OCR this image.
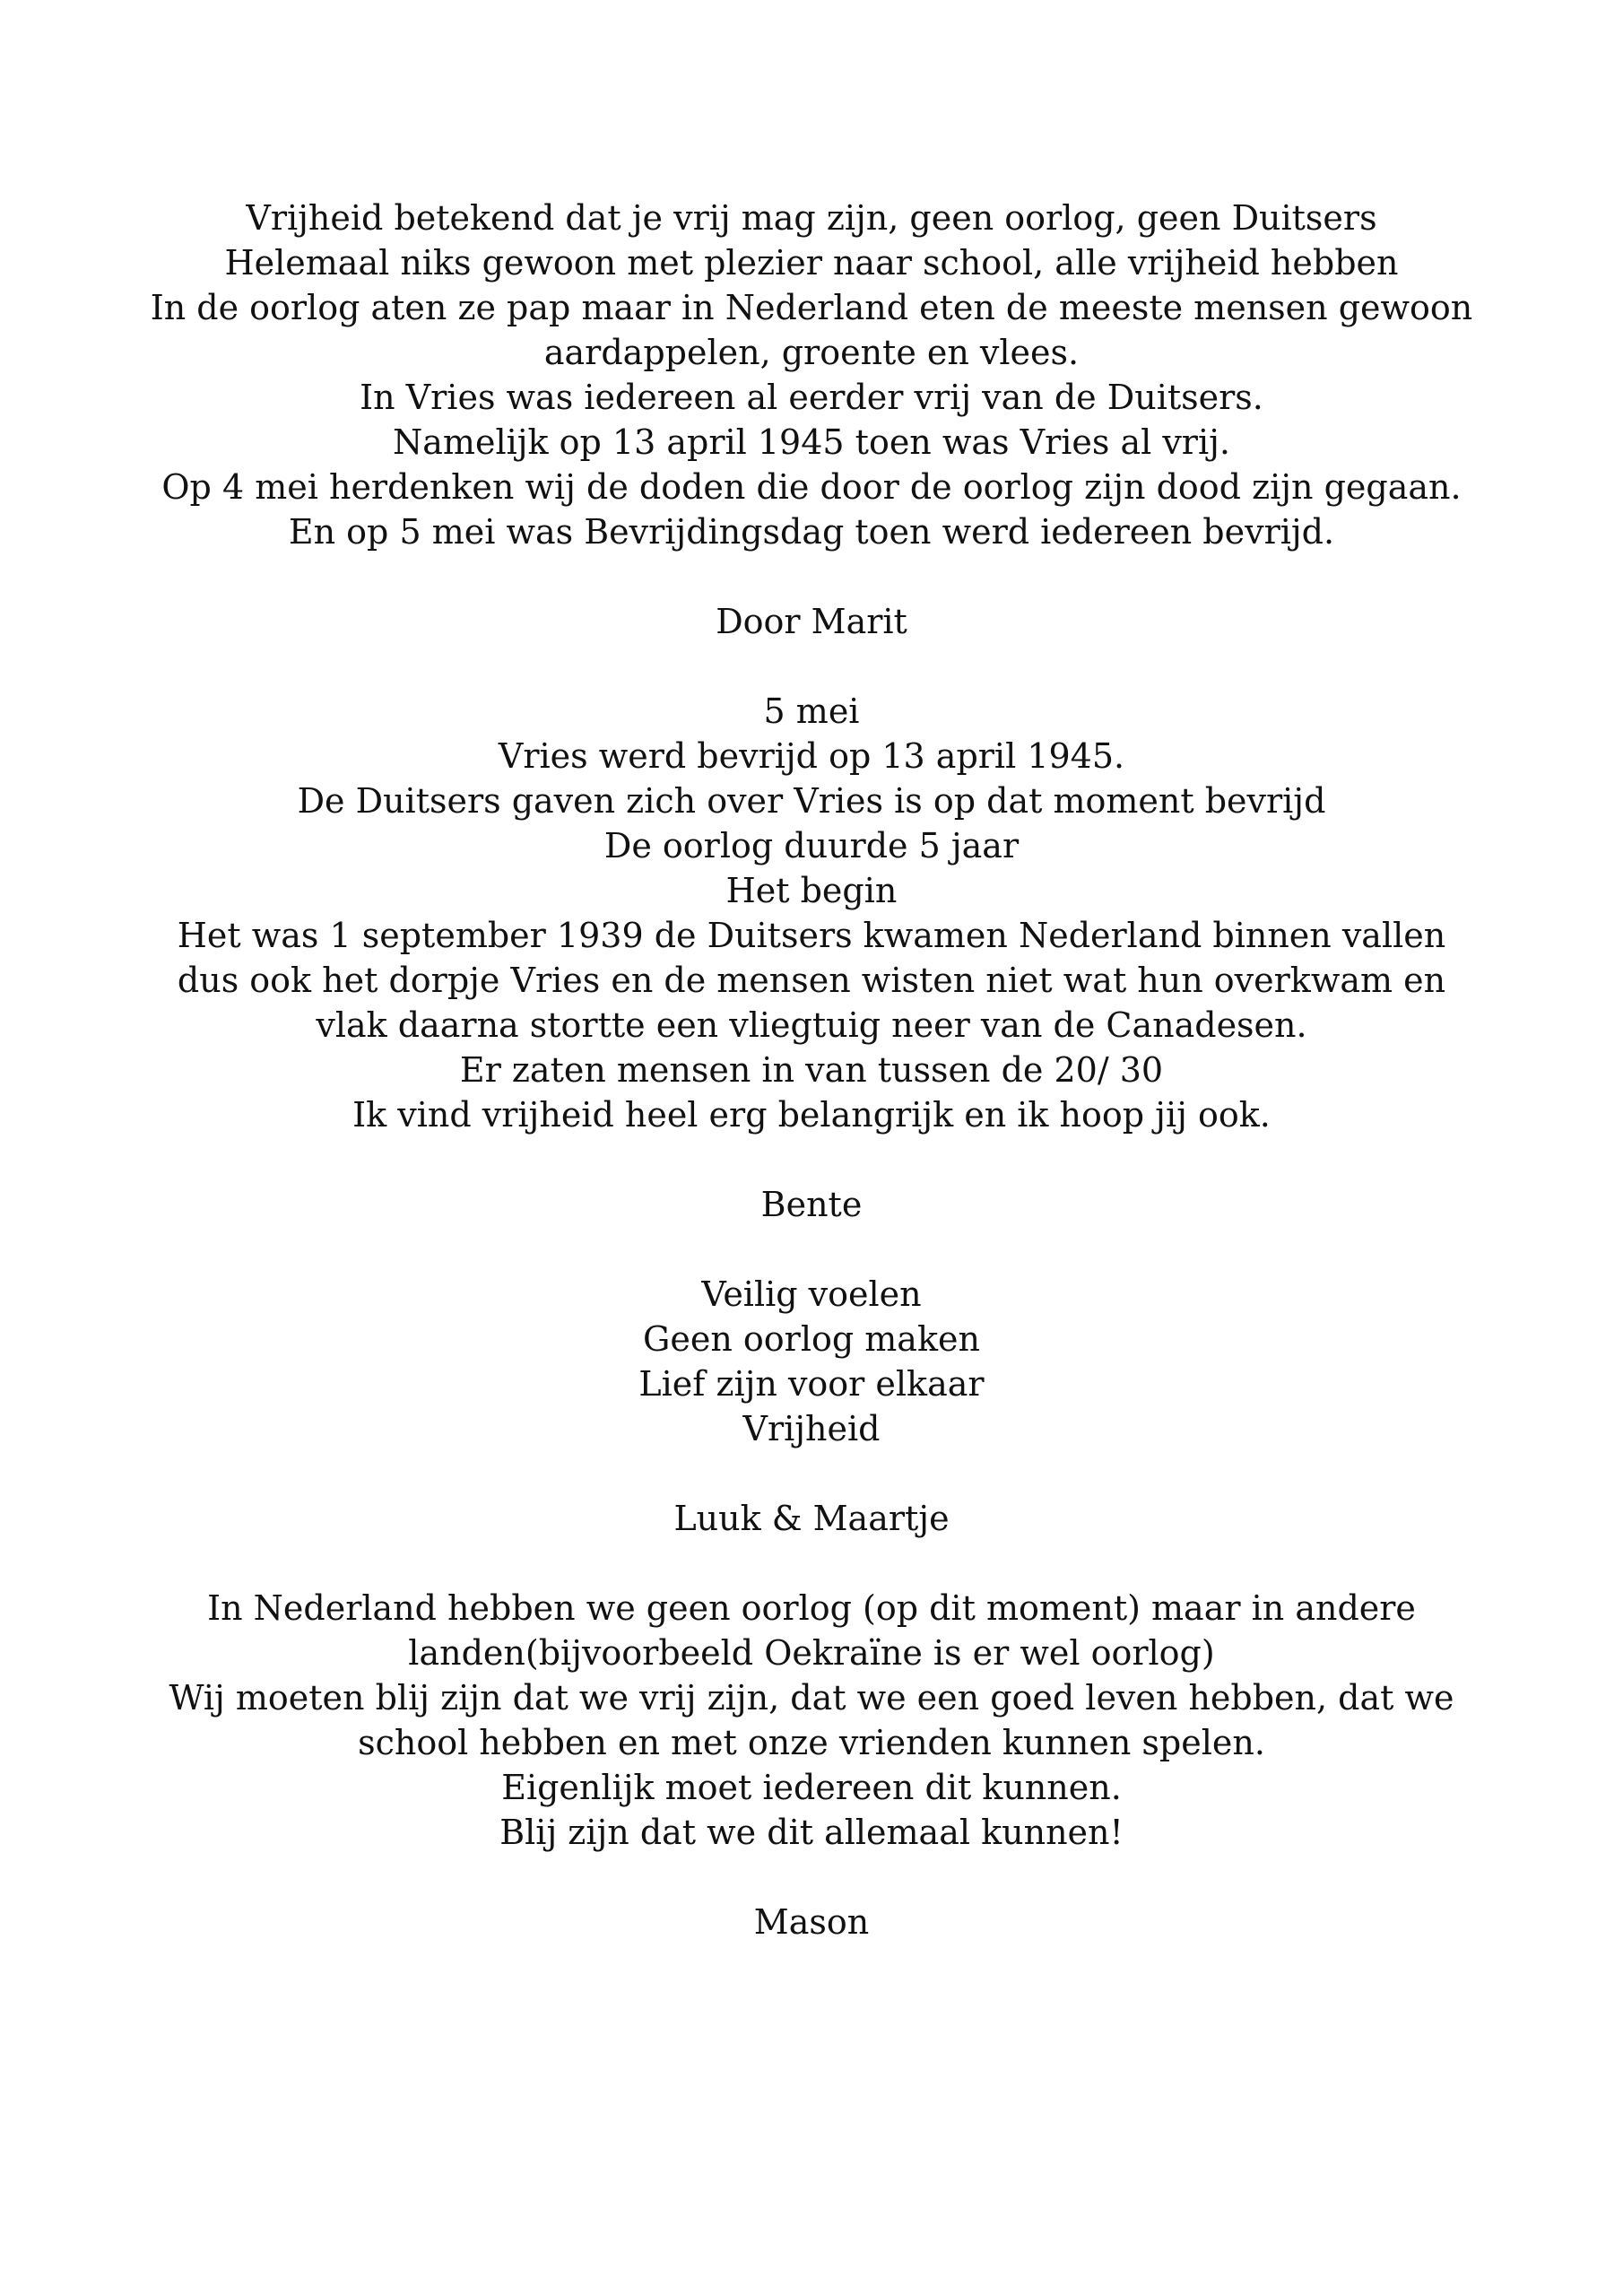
Vrijheid betekend dat je vrij mag zijn, geen oorlog, geen Duitsers
Helemaal niks gewoon met plezier naar school, alle vrijheid hebben
In de oorlog aten ze pap maar in Nederland eten de meeste mensen gewoon
aardappelen, groente en vlees.
In Vries was iedereen al eerder vrij van de Duitsers.
Namelijk op 13 april 1945 toen was Vries al vrij.
Op 4 mei herdenken wij de doden die door de oorlog zijn dood zijn gegaan.
En op 5 mei was Bevrijdingsdag toen werd iedereen bevrijd.
Door Marit
5 mei
Vries werd bevrijd op 13 april 1945.
De Duitsers gaven zich over Vries is op dat moment bevrijd
De oorlog duurde 5 jaar
Het begin
Het was 1 september 1939 de Duitsers kwamen Nederland binnen vallen
dus ook het dorpje Vries en de mensen wisten niet wat hun overkwam en
vlak daarna stortte een vliegtuig neer van de Canadesen.
Er zaten mensen in van tussen de 20/ 30
Ik vind vrijheid heel erg belangrijk en ik hoop jij ook.
Bente
Veilig voelen
Geen oorlog maken
Lief zijn voor elkaar
Vrijheid
Luuk & Maartje
In Nederland hebben we geen oorlog (op dit moment) maar in andere
landen(bijvoorbeeld Oekraïne is er wel oorlog)
Wij moeten blij zijn dat we vrij zijn, dat we een goed leven hebben, dat we
school hebben en met onze vrienden kunnen spelen.
Eigenlijk moet iedereen dit kunnen.
Blij zijn dat we dit allemaal kunnen!
Mason
